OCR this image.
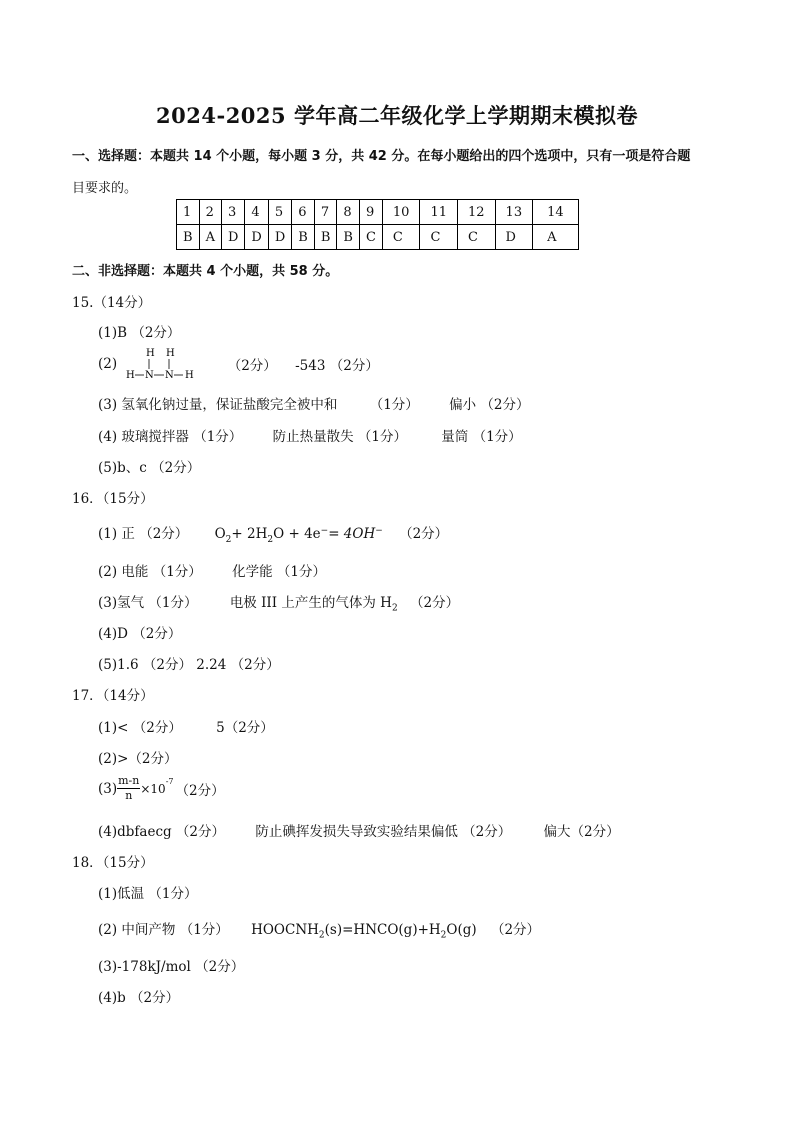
2024-2025 学年高二年级化学上学期期末模拟卷
一、选择题：本题共 14 个小题，每小题 3 分，共 42 分。在每小题给出的四个选项中，只有一项是符合题
目要求的。
1	2	3	4	5	6	7	8	9	10	11	12	13	14
B	A	D	D	D	B	B	B	C	C	C	C	D	A
二、非选择题：本题共 4 个小题，共 58 分。
15.（14分）
(1)B （2分）
(2)
H H
H N N H
（2分） -543 （2分）
(3) 氢氧化钠过量，保证盐酸完全被中和 （1分） 偏小 （2分）
(4) 玻璃搅拌器 （1分） 防止热量散失 （1分）	量筒 （1分）
(5)b、c （2分）
16．（15分）
(1) 正 （2分） $O_2+ 2H_2O + 4e^-= 4OH^-$ （2分）
(2) 电能 （1分） 化学能 （1分）
(3)氢气 （1分） 电极 III 上产生的气体为 $H_2$ （2分）
(4)D （2分）
(5)1.6 （2分） 2.24 （2分）
17．（14分）
(1)< （2分）	5（2分）
(2)>（2分）
$(3) \frac{m-n}{n} \times 10^{-7}(2$分）
(4)dbfaecg （2分） 防止碘挥发损失导致实验结果偏低 （2分） 偏大（2分）
18．（15分）
(1)低温 （1分）
(2) 中间产物 （1分） $HOOCNH_2(s)=HNCO(g)+H_2O(g)$ （2分）
(3)-178kJ/mol （2分）
(4)b （2分）
